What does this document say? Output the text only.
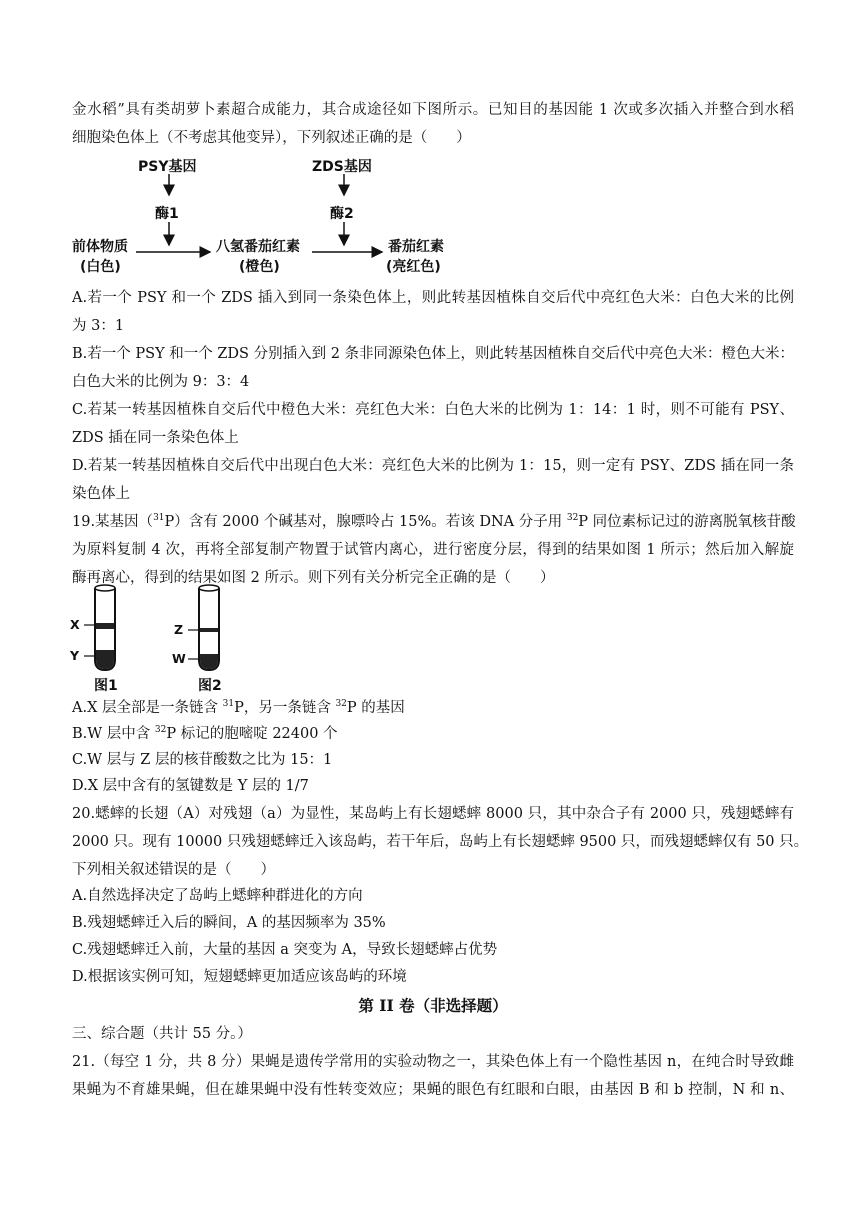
金水稻”具有类胡萝卜素超合成能力，其合成途径如下图所示。已知目的基因能 1 次或多次插入并整合到水稻
细胞染色体上（不考虑其他变异），下列叙述正确的是（　　）
PSY基因
酶1
ZDS基因
酶2
前体物质
(白色)
八氢番茄红素
(橙色)
番茄红素
(亮红色)
A.若一个 PSY 和一个 ZDS 插入到同一条染色体上，则此转基因植株自交后代中亮红色大米：白色大米的比例
为 3：1
B.若一个 PSY 和一个 ZDS 分别插入到 2 条非同源染色体上，则此转基因植株自交后代中亮色大米：橙色大米：
白色大米的比例为 9：3：4
C.若某一转基因植株自交后代中橙色大米：亮红色大米：白色大米的比例为 1：14：1 时，则不可能有 PSY、
ZDS 插在同一条染色体上
D.若某一转基因植株自交后代中出现白色大米：亮红色大米的比例为 1：15，则一定有 PSY、ZDS 插在同一条
染色体上
19.某基因（$^{31}$P）含有 2000 个碱基对，腺嘌呤占 15%。若该 DNA 分子用 $^{32}$P 同位素标记过的游离脱氧核苷酸
为原料复制 4 次，再将全部复制产物置于试管内离心，进行密度分层，得到的结果如图 1 所示；然后加入解旋
酶再离心，得到的结果如图 2 所示。则下列有关分析完全正确的是（　　）
X
Y
Z
W
图1	图2
A.X 层全部是一条链含 $^{31}$P，另一条链含 $^{32}$P 的基因
B.W 层中含 $^{32}$P 标记的胞嘧啶 22400 个
C.W 层与 Z 层的核苷酸数之比为 15：1
D.X 层中含有的氢键数是 Y 层的 1/7
20.蟋蟀的长翅（A）对残翅（a）为显性，某岛屿上有长翅蟋蟀 8000 只，其中杂合子有 2000 只，残翅蟋蟀有
2000 只。现有 10000 只残翅蟋蟀迁入该岛屿，若干年后，岛屿上有长翅蟋蟀 9500 只，而残翅蟋蟀仅有 50 只。
下列相关叙述错误的是（　　）
A.自然选择决定了岛屿上蟋蟀种群进化的方向
B.残翅蟋蟀迁入后的瞬间，A 的基因频率为 35%
C.残翅蟋蟀迁入前，大量的基因 a 突变为 A，导致长翅蟋蟀占优势
D.根据该实例可知，短翅蟋蟀更加适应该岛屿的环境
第 II 卷（非选择题）
三、综合题（共计 55 分。）
21.（每空 1 分，共 8 分）果蝇是遗传学常用的实验动物之一，其染色体上有一个隐性基因 n，在纯合时导致雌
果蝇为不育雄果蝇，但在雄果蝇中没有性转变效应；果蝇的眼色有红眼和白眼，由基因 B 和 b 控制，N 和 n、
